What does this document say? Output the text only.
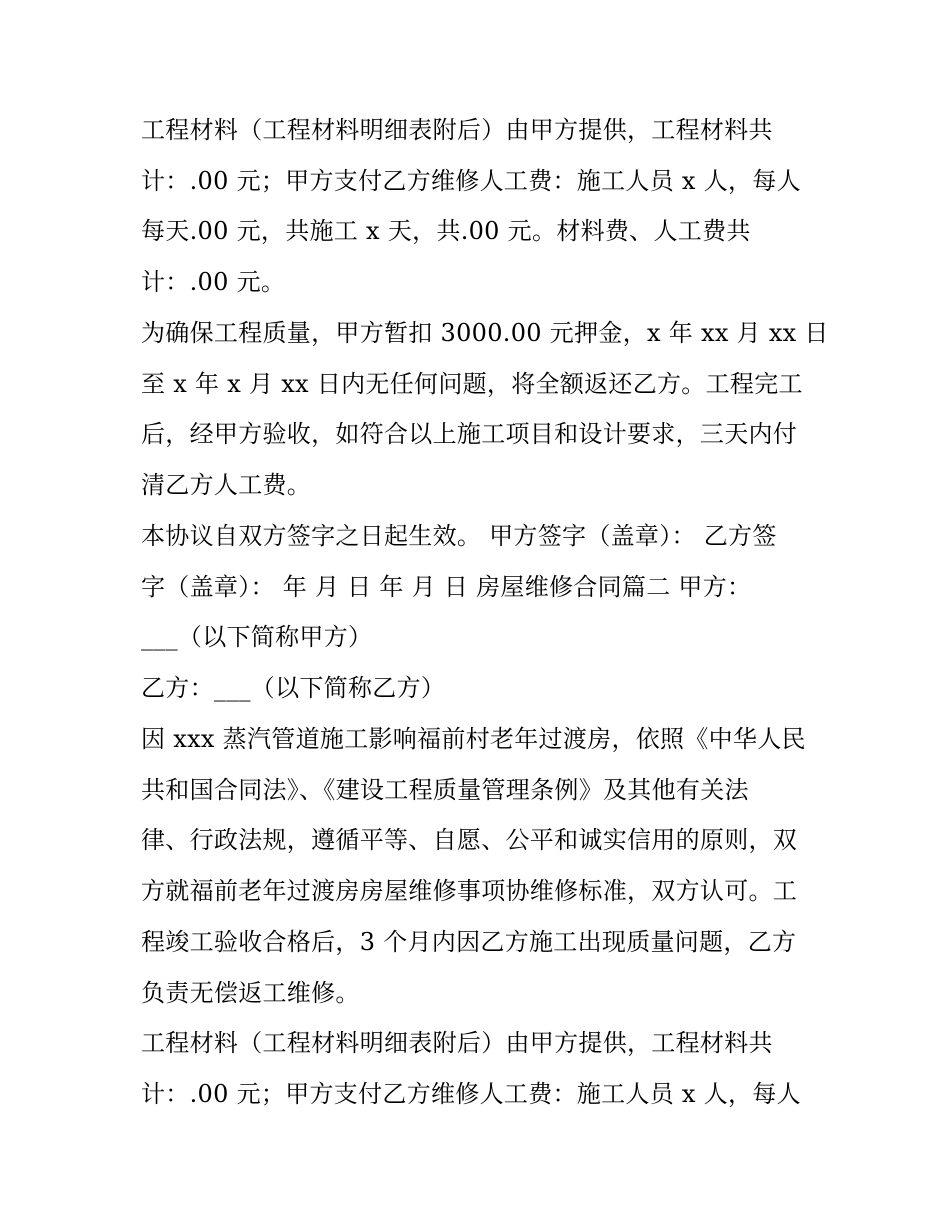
工程材料（工程材料明细表附后）由甲方提供，工程材料共
计：.00 元；甲方支付乙方维修人工费：施工人员 x 人，每人
每天.00 元，共施工 x 天，共.00 元。材料费、人工费共
计：.00 元。
为确保工程质量，甲方暂扣 3000.00 元押金，x 年 xx 月 xx 日
至 x 年 x 月 xx 日内无任何问题，将全额返还乙方。工程完工
后，经甲方验收，如符合以上施工项目和设计要求，三天内付
清乙方人工费。
本协议自双方签字之日起生效。 甲方签字（盖章）： 乙方签
字（盖章）： 年 月 日 年 月 日 房屋维修合同篇二 甲方：
___（以下简称甲方）
乙方：___（以下简称乙方）
因 xxx 蒸汽管道施工影响福前村老年过渡房，依照《中华人民
共和国合同法》、《建设工程质量管理条例》及其他有关法
律、行政法规，遵循平等、自愿、公平和诚实信用的原则，双
方就福前老年过渡房房屋维修事项协维修标准，双方认可。工
程竣工验收合格后，3 个月内因乙方施工出现质量问题，乙方
负责无偿返工维修。
工程材料（工程材料明细表附后）由甲方提供，工程材料共
计：.00 元；甲方支付乙方维修人工费：施工人员 x 人，每人
